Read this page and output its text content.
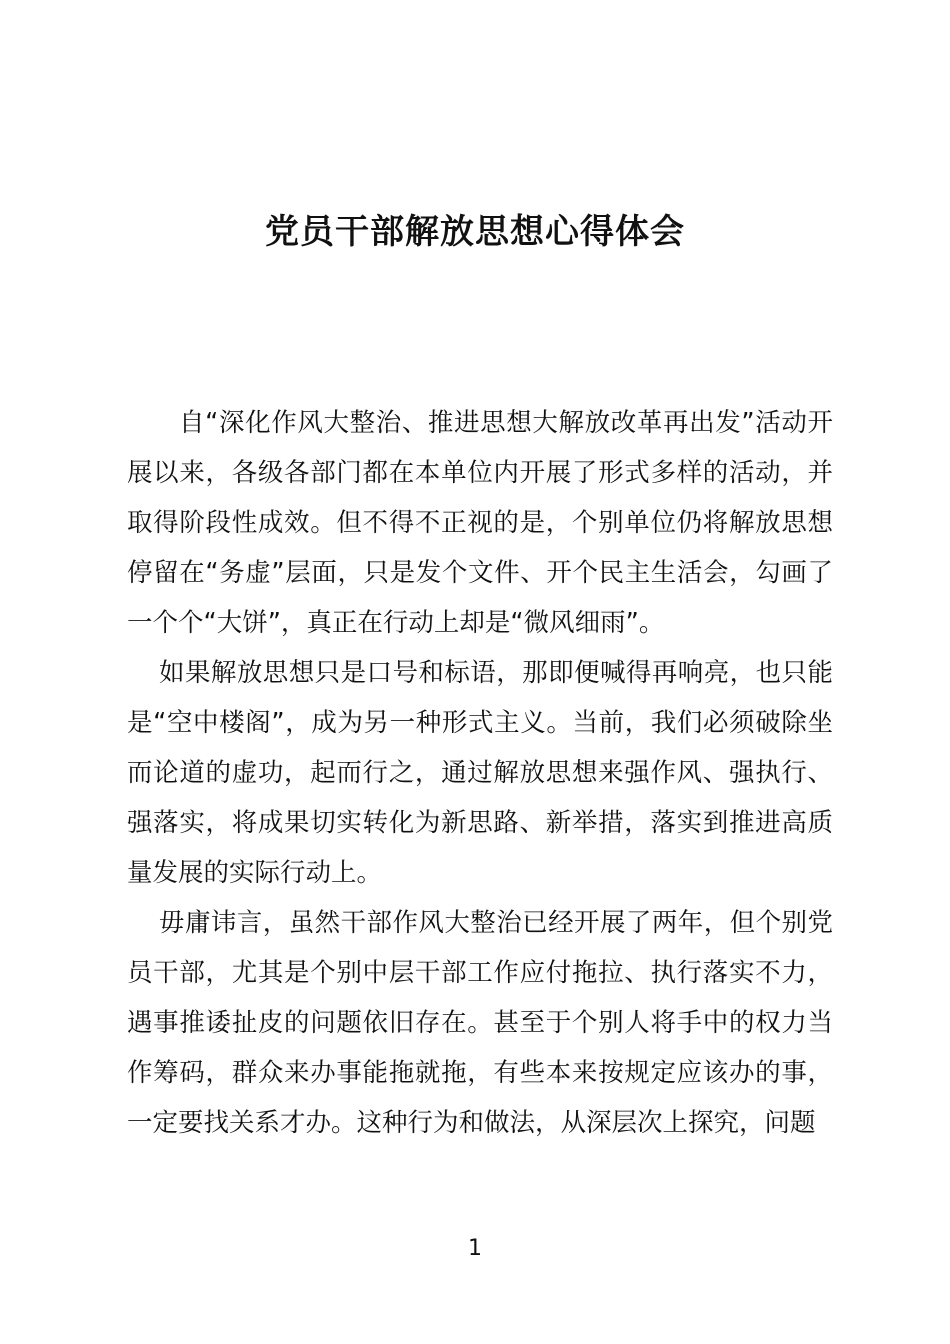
党员干部解放思想心得体会

自“深化作风大整治、推进思想大解放改革再出发”活动开展以来，各级各部门都在本单位内开展了形式多样的活动，并取得阶段性成效。但不得不正视的是，个别单位仍将解放思想停留在“务虚”层面，只是发个文件、开个民主生活会，勾画了一个个“大饼”，真正在行动上却是“微风细雨”。

如果解放思想只是口号和标语，那即便喊得再响亮，也只能是“空中楼阁”，成为另一种形式主义。当前，我们必须破除坐而论道的虚功，起而行之，通过解放思想来强作风、强执行、强落实，将成果切实转化为新思路、新举措，落实到推进高质量发展的实际行动上。

毋庸讳言，虽然干部作风大整治已经开展了两年，但个别党员干部，尤其是个别中层干部工作应付拖拉、执行落实不力，遇事推诿扯皮的问题依旧存在。甚至于个别人将手中的权力当作筹码，群众来办事能拖就拖，有些本来按规定应该办的事，一定要找关系才办。这种行为和做法，从深层次上探究，问题

1
